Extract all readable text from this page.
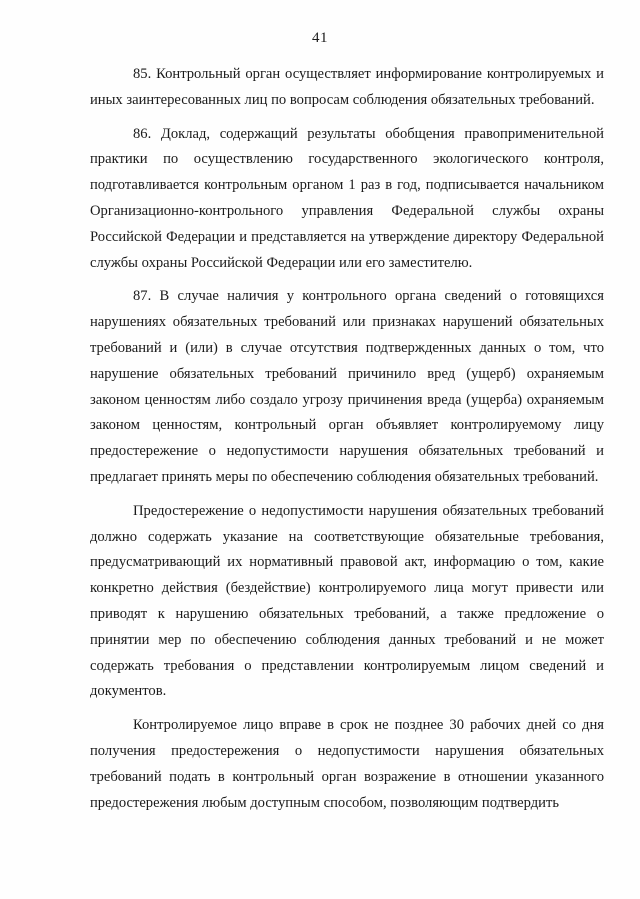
41

85. Контрольный орган осуществляет информирование контролируемых и иных заинтересованных лиц по вопросам соблюдения обязательных требований.

86. Доклад, содержащий результаты обобщения правоприменительной практики по осуществлению государственного экологического контроля, подготавливается контрольным органом 1 раз в год, подписывается начальником Организационно-контрольного управления Федеральной службы охраны Российской Федерации и представляется на утверждение директору Федеральной службы охраны Российской Федерации или его заместителю.

87. В случае наличия у контрольного органа сведений о готовящихся нарушениях обязательных требований или признаках нарушений обязательных требований и (или) в случае отсутствия подтвержденных данных о том, что нарушение обязательных требований причинило вред (ущерб) охраняемым законом ценностям либо создало угрозу причинения вреда (ущерба) охраняемым законом ценностям, контрольный орган объявляет контролируемому лицу предостережение о недопустимости нарушения обязательных требований и предлагает принять меры по обеспечению соблюдения обязательных требований.

Предостережение о недопустимости нарушения обязательных требований должно содержать указание на соответствующие обязательные требования, предусматривающий их нормативный правовой акт, информацию о том, какие конкретно действия (бездействие) контролируемого лица могут привести или приводят к нарушению обязательных требований, а также предложение о принятии мер по обеспечению соблюдения данных требований и не может содержать требования о представлении контролируемым лицом сведений и документов.

Контролируемое лицо вправе в срок не позднее 30 рабочих дней со дня получения предостережения о недопустимости нарушения обязательных требований подать в контрольный орган возражение в отношении указанного предостережения любым доступным способом, позволяющим подтвердить
